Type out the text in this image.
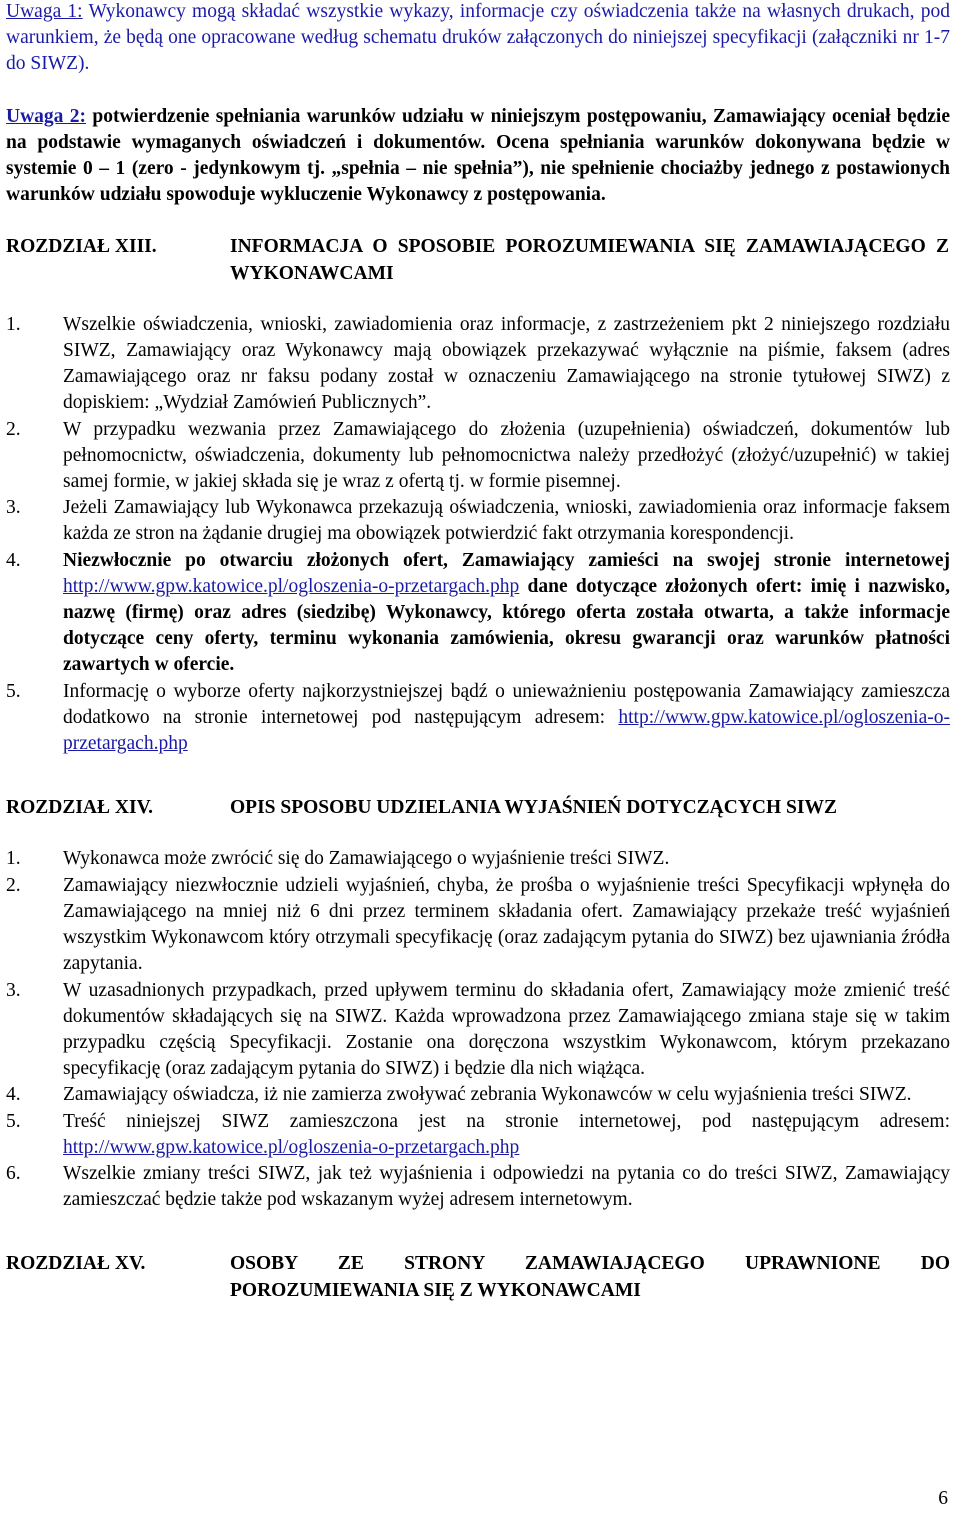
Uwaga 1: Wykonawcy mogą składać wszystkie wykazy, informacje czy oświadczenia także na własnych drukach, pod warunkiem, że będą one opracowane według schematu druków załączonych do niniejszej specyfikacji (załączniki nr 1-7 do SIWZ).

Uwaga 2: potwierdzenie spełniania warunków udziału w niniejszym postępowaniu, Zamawiający oceniał będzie na podstawie wymaganych oświadczeń i dokumentów. Ocena spełniania warunków dokonywana będzie w systemie 0 – 1 (zero - jedynkowym tj. „spełnia – nie spełnia”), nie spełnienie chociażby jednego z postawionych warunków udziału spowoduje wykluczenie Wykonawcy z postępowania.

ROZDZIAŁ XIII.	INFORMACJA O SPOSOBIE POROZUMIEWANIA SIĘ ZAMAWIAJĄCEGO Z WYKONAWCAMI
1.	Wszelkie oświadczenia, wnioski, zawiadomienia oraz informacje, z zastrzeżeniem pkt 2 niniejszego rozdziału SIWZ, Zamawiający oraz Wykonawcy mają obowiązek przekazywać wyłącznie na piśmie, faksem (adres Zamawiającego oraz nr faksu podany został w oznaczeniu Zamawiającego na stronie tytułowej SIWZ) z dopiskiem: „Wydział Zamówień Publicznych”.
2.	W przypadku wezwania przez Zamawiającego do złożenia (uzupełnienia) oświadczeń, dokumentów lub pełnomocnictw, oświadczenia, dokumenty lub pełnomocnictwa należy przedłożyć (złożyć/uzupełnić) w takiej samej formie, w jakiej składa się je wraz z ofertą tj. w formie pisemnej.
3.	Jeżeli Zamawiający lub Wykonawca przekazują oświadczenia, wnioski, zawiadomienia oraz informacje faksem każda ze stron na żądanie drugiej ma obowiązek potwierdzić fakt otrzymania korespondencji.
4.	Niezwłocznie po otwarciu złożonych ofert, Zamawiający zamieści na swojej stronie internetowej http://www.gpw.katowice.pl/ogloszenia-o-przetargach.php dane dotyczące złożonych ofert: imię i nazwisko, nazwę (firmę) oraz adres (siedzibę) Wykonawcy, którego oferta została otwarta, a także informacje dotyczące ceny oferty, terminu wykonania zamówienia, okresu gwarancji oraz warunków płatności zawartych w ofercie.
5.	Informację o wyborze oferty najkorzystniejszej bądź o unieważnieniu postępowania Zamawiający zamieszcza dodatkowo na stronie internetowej pod następującym adresem: http://www.gpw.katowice.pl/ogloszenia-o-przetargach.php
ROZDZIAŁ XIV.	OPIS SPOSOBU UDZIELANIA WYJAŚNIEŃ DOTYCZĄCYCH SIWZ
1.	Wykonawca może zwrócić się do Zamawiającego o wyjaśnienie treści SIWZ.
2.	Zamawiający niezwłocznie udzieli wyjaśnień, chyba, że prośba o wyjaśnienie treści Specyfikacji wpłynęła do Zamawiającego na mniej niż 6 dni przez terminem składania ofert. Zamawiający przekaże treść wyjaśnień wszystkim Wykonawcom który otrzymali specyfikację (oraz zadającym pytania do SIWZ) bez ujawniania źródła zapytania.
3.	W uzasadnionych przypadkach, przed upływem terminu do składania ofert, Zamawiający może zmienić treść dokumentów składających się na SIWZ. Każda wprowadzona przez Zamawiającego zmiana staje się w takim przypadku częścią Specyfikacji. Zostanie ona doręczona wszystkim Wykonawcom, którym przekazano specyfikację (oraz zadającym pytania do SIWZ) i będzie dla nich wiążąca.
4.	Zamawiający oświadcza, iż nie zamierza zwoływać zebrania Wykonawców w celu wyjaśnienia treści SIWZ.
5.	Treść niniejszej SIWZ zamieszczona jest na stronie internetowej, pod następującym adresem: http://www.gpw.katowice.pl/ogloszenia-o-przetargach.php
6.	Wszelkie zmiany treści SIWZ, jak też wyjaśnienia i odpowiedzi na pytania co do treści SIWZ, Zamawiający zamieszczać będzie także pod wskazanym wyżej adresem internetowym.
ROZDZIAŁ XV.	OSOBY ZE STRONY ZAMAWIAJĄCEGO UPRAWNIONE DO POROZUMIEWANIA SIĘ Z WYKONAWCAMI
6
